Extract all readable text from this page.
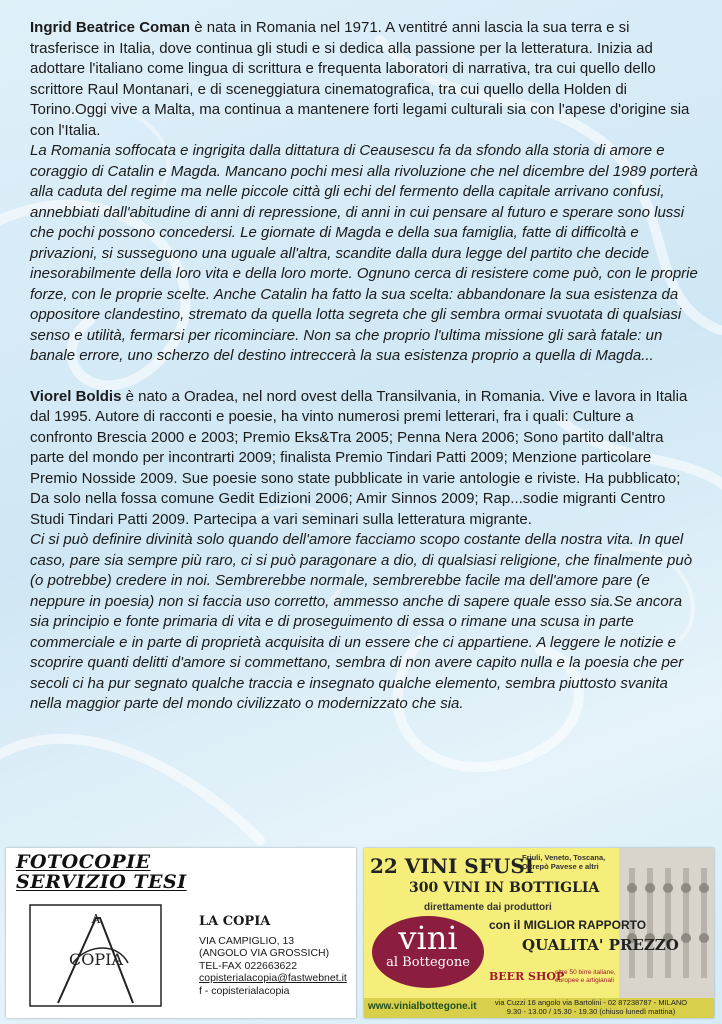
Ingrid Beatrice Coman è nata in Romania nel 1971. A ventitré anni lascia la sua terra e si trasferisce in Italia, dove continua gli studi e si dedica alla passione per la letteratura. Inizia ad adottare l'italiano come lingua di scrittura e frequenta laboratori di narrativa, tra cui quello dello scrittore Raul Montanari, e di sceneggiatura cinematografica, tra cui quello della Holden di Torino.Oggi vive a Malta, ma continua a mantenere forti legami culturali sia con l'apese d'origine sia con l'Italia.

La Romania soffocata e ingrigita dalla dittatura di Ceausescu fa da sfondo alla storia di amore e coraggio di Catalin e Magda. Mancano pochi mesi alla rivoluzione che nel dicembre del 1989 porterà alla caduta del regime ma nelle piccole città gli echi del fermento della capitale arrivano confusi, annebbiati dall'abitudine di anni di repressione, di anni in cui pensare al futuro e sperare sono lussi che pochi possono concedersi. Le giornate di Magda e della sua famiglia, fatte di difficoltà e privazioni, si susseguono una uguale all'altra, scandite dalla dura legge del partito che decide inesorabilmente della loro vita e della loro morte. Ognuno cerca di resistere come può, con le proprie forze, con le proprie scelte. Anche Catalin ha fatto la sua scelta: abbandonare la sua esistenza da oppositore clandestino, stremato da quella lotta segreta che gli sembra ormai svuotata di qualsiasi senso e utilità, fermarsi per ricominciare. Non sa che proprio l'ultima missione gli sarà fatale: un banale errore, uno scherzo del destino intreccerà la sua esistenza proprio a quella di Magda...

Viorel Boldis è nato a Oradea, nel nord ovest della Transilvania, in Romania. Vive e lavora in Italia dal 1995. Autore di racconti e poesie, ha vinto numerosi premi letterari, fra i quali: Culture a confronto Brescia 2000 e 2003; Premio Eks&Tra 2005; Penna Nera 2006; Sono partito dall'altra parte del mondo per incontrarti 2009; finalista Premio Tindari Patti 2009; Menzione particolare Premio Nosside 2009. Sue poesie sono state pubblicate in varie antologie e riviste. Ha pubblicato; Da solo nella fossa comune Gedit Edizioni 2006; Amir Sinnos 2009; Rap...sodie migranti Centro Studi Tindari Patti 2009. Partecipa a vari seminari sulla letteratura migrante.

Ci si può definire divinità solo quando dell'amore facciamo scopo costante della nostra vita. In quel caso, pare sia sempre più raro, ci si può paragonare a dio, di qualsiasi religione, che finalmente può (o potrebbe) credere in noi. Sembrerebbe normale, sembrerebbe facile ma dell'amore pare (e neppure in poesia) non si faccia uso corretto, ammesso anche di sapere quale esso sia.Se ancora sia principio e fonte primaria di vita e di proseguimento di essa o rimane una scusa in parte commerciale e in parte di proprietà acquisita di un essere che ci appartiene. A leggere le notizie e scoprire quanti delitti d'amore si commettano, sembra di non avere capito nulla e la poesia che per secoli ci ha pur segnato qualche traccia e insegnato qualche elemento, sembra piuttosto svanita nella maggior parte del mondo civilizzato o modernizzato che sia.

FOTOCOPIE
SERVIZIO TESI
COPIA
A	LA COPIA
VIA CAMPIGLIO, 13
(ANGOLO VIA GROSSICH)
TEL-FAX 022663622
copisterialacopia@fastwebnet.it
f - copisterialacopia
22 VINI SFUSI
Friuli, Veneto, Toscana, Oltrepò Pavese e altri
300 VINI IN BOTTIGLIA
direttamente dai produttori
vini
al Bottegone
con il MIGLIOR RAPPORTO
QUALITA' PREZZO
BEER SHOP
oltre 50 birre italiane, europee e artigianali
www.vinialbottegone.it	via Cuzzi 16 angolo via Bartolini - 02 87238787 - MILANO
9.30 - 13.00 / 15.30 - 19.30 (chiuso lunedì mattina)
